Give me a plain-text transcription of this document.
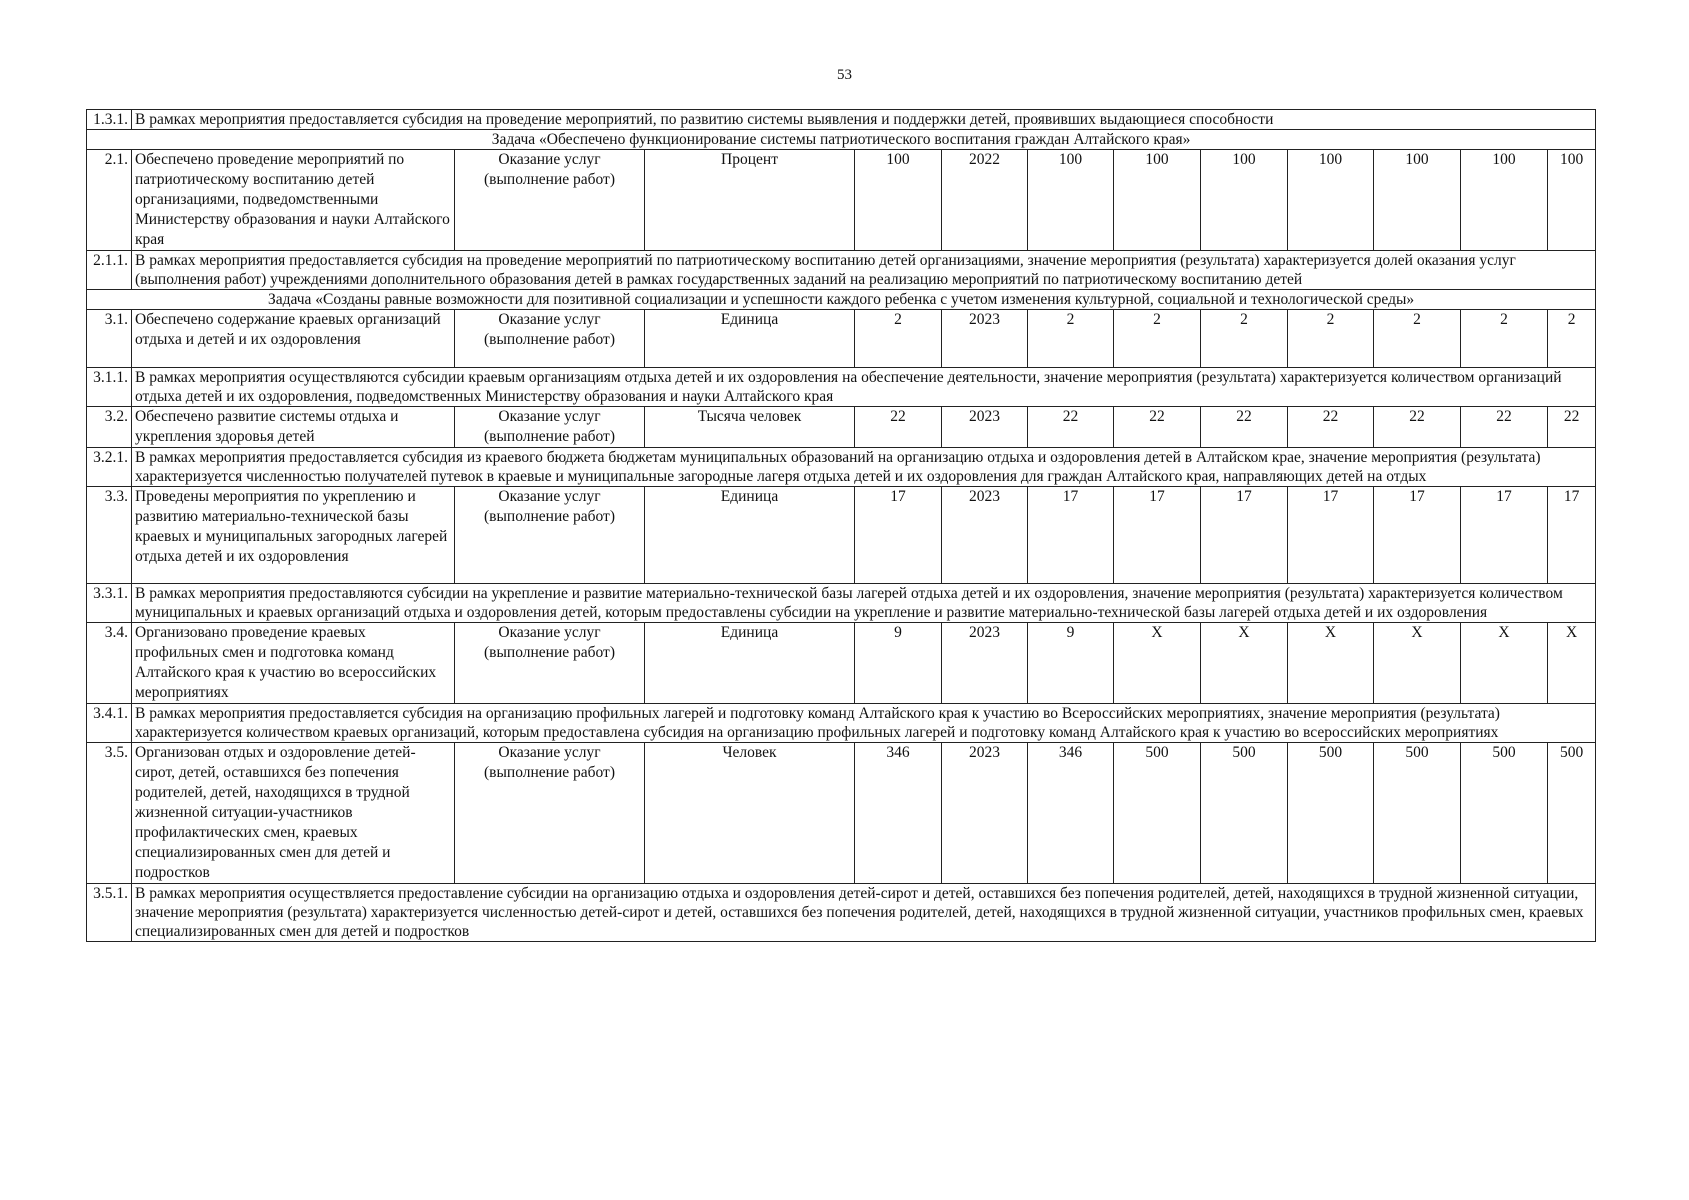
53
1.3.1.	В рамках мероприятия предоставляется субсидия на проведение мероприятий, по развитию системы выявления и поддержки детей, проявивших выдающиеся способности											
Задача «Обеспечено функционирование системы патриотического воспитания граждан Алтайского края»												
2.1.	Обеспечено проведение мероприятий по патриотическому воспитанию детей организациями, подведомственными Министерству образования и науки Алтайского края	Оказание услуг (выполнение работ)	Процент	100	2022	100	100	100	100	100	100	100
2.1.1.	В рамках мероприятия предоставляется субсидия на проведение мероприятий по патриотическому воспитанию детей организациями, значение мероприятия (результата) характеризуется долей оказания услуг (выполнения работ) учреждениями дополнительного образования детей в рамках государственных заданий на реализацию мероприятий по патриотическому воспитанию детей											
Задача «Созданы равные возможности для позитивной социализации и успешности каждого ребенка с учетом изменения культурной, социальной и технологической среды»												
3.1.	Обеспечено содержание краевых организаций отдыха и детей и их оздоровления	Оказание услуг (выполнение работ)	Единица	2	2023	2	2	2	2	2	2	2
3.1.1.	В рамках мероприятия осуществляются субсидии краевым организациям отдыха детей и их оздоровления на обеспечение деятельности, значение мероприятия (результата) характеризуется количеством организаций отдыха детей и их оздоровления, подведомственных Министерству образования и науки Алтайского края											
3.2.	Обеспечено развитие системы отдыха и укрепления здоровья детей	Оказание услуг (выполнение работ)	Тысяча человек	22	2023	22	22	22	22	22	22	22
3.2.1.	В рамках мероприятия предоставляется субсидия из краевого бюджета бюджетам муниципальных образований на организацию отдыха и оздоровления детей в Алтайском крае, значение мероприятия (результата) характеризуется численностью получателей путевок в краевые и муниципальные загородные лагеря отдыха детей и их оздоровления для граждан Алтайского края, направляющих детей на отдых											
3.3.	Проведены мероприятия по укреплению и развитию материально-технической базы краевых и муниципальных загородных лагерей отдыха детей и их оздоровления	Оказание услуг (выполнение работ)	Единица	17	2023	17	17	17	17	17	17	17
3.3.1.	В рамках мероприятия предоставляются субсидии на укрепление и развитие материально-технической базы лагерей отдыха детей и их оздоровления, значение мероприятия (результата) характеризуется количеством муниципальных и краевых организаций отдыха и оздоровления детей, которым предоставлены субсидии на укрепление и развитие материально-технической базы лагерей отдыха детей и их оздоровления											
3.4.	Организовано проведение краевых профильных смен и подготовка команд Алтайского края к участию во всероссийских мероприятиях	Оказание услуг (выполнение работ)	Единица	9	2023	9	X	X	X	X	X	X
3.4.1.	В рамках мероприятия предоставляется субсидия на организацию профильных лагерей и подготовку команд Алтайского края к участию во Всероссийских мероприятиях, значение мероприятия (результата) характеризуется количеством краевых организаций, которым предоставлена субсидия на организацию профильных лагерей и подготовку команд Алтайского края к участию во всероссийских мероприятиях											
3.5.	Организован отдых и оздоровление детей-сирот, детей, оставшихся без попечения родителей, детей, находящихся в трудной жизненной ситуации-участников профилактических смен, краевых специализированных смен для детей и подростков	Оказание услуг (выполнение работ)	Человек	346	2023	346	500	500	500	500	500	500
3.5.1.	В рамках мероприятия осуществляется предоставление субсидии на организацию отдыха и оздоровления детей-сирот и детей, оставшихся без попечения родителей, детей, находящихся в трудной жизненной ситуации, значение мероприятия (результата) характеризуется численностью детей-сирот и детей, оставшихся без попечения родителей, детей, находящихся в трудной жизненной ситуации, участников профильных смен, краевых специализированных смен для детей и подростков											
